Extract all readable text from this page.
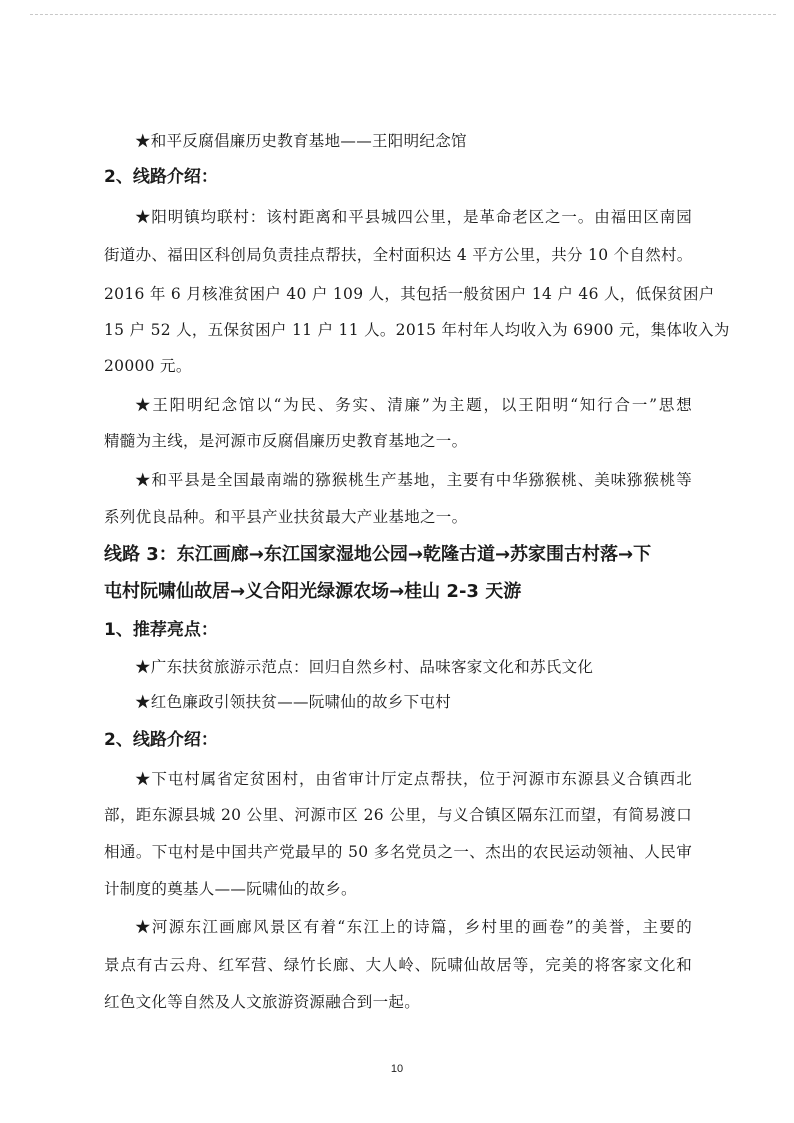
★和平反腐倡廉历史教育基地——王阳明纪念馆
2、线路介绍：
★阳明镇均联村：该村距离和平县城四公里，是革命老区之一。由福田区南园
街道办、福田区科创局负责挂点帮扶，全村面积达 4 平方公里，共分 10 个自然村。
2016 年 6 月核准贫困户 40 户 109 人，其包括一般贫困户 14 户 46 人，低保贫困户
15 户 52 人，五保贫困户 11 户 11 人。2015 年村年人均收入为 6900 元，集体收入为
20000 元。
★王阳明纪念馆以“为民、务实、清廉”为主题，以王阳明“知行合一”思想
精髓为主线，是河源市反腐倡廉历史教育基地之一。
★和平县是全国最南端的猕猴桃生产基地，主要有中华猕猴桃、美味猕猴桃等
系列优良品种。和平县产业扶贫最大产业基地之一。
线路 3：东江画廊→东江国家湿地公园→乾隆古道→苏家围古村落→下
屯村阮啸仙故居→义合阳光绿源农场→桂山 2-3 天游
1、推荐亮点：
★广东扶贫旅游示范点：回归自然乡村、品味客家文化和苏氏文化
★红色廉政引领扶贫——阮啸仙的故乡下屯村
2、线路介绍：
★下屯村属省定贫困村，由省审计厅定点帮扶，位于河源市东源县义合镇西北
部，距东源县城 20 公里、河源市区 26 公里，与义合镇区隔东江而望，有简易渡口
相通。下屯村是中国共产党最早的 50 多名党员之一、杰出的农民运动领袖、人民审
计制度的奠基人——阮啸仙的故乡。
★河源东江画廊风景区有着“东江上的诗篇，乡村里的画卷”的美誉，主要的
景点有古云舟、红军营、绿竹长廊、大人岭、阮啸仙故居等，完美的将客家文化和
红色文化等自然及人文旅游资源融合到一起。
10
